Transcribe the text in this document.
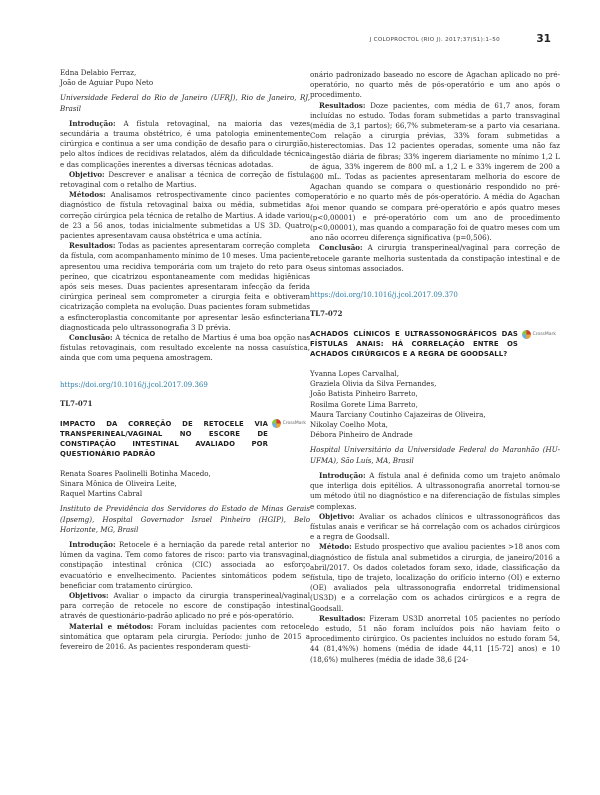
J COLOPROCTOL (RIO J). 2017;37(S1):1–50	31

Edna Delabio Ferraz,

João de Aguiar Pupo Neto

Universidade Federal do Rio de Janeiro (UFRJ), Rio de Janeiro, RJ, Brasil

Introdução: A fístula retovaginal, na maioria das vezes secundária a trauma obstétrico, é uma patologia eminentemente cirúrgica e continua a ser uma condição de desafio para o cirurgião, pelo altos índices de recidivas relatados, além da dificuldade técnica e das complicações inerentes a diversas técnicas adotadas.

Objetivo: Descrever e analisar a técnica de correção de fístula retovaginal com o retalho de Martius.

Métodos: Analisamos retrospectivamente cinco pacientes com diagnóstico de fístula retovaginal baixa ou média, submetidas a correção cirúrgica pela técnica de retalho de Martius. A idade variou de 23 a 56 anos, todas inicialmente submetidas a US 3D. Quatro pacientes apresentavam causa obstétrica e uma actínia.

Resultados: Todas as pacientes apresentaram correção completa da fístula, com acompanhamento mínimo de 10 meses. Uma paciente apresentou uma recidiva temporária com um trajeto do reto para o períneo, que cicatrizou espontaneamente com medidas higiênicas após seis meses. Duas pacientes apresentaram infecção da ferida cirúrgica perineal sem comprometer a cirurgia feita e obtiveram cicatrização completa na evolução. Duas pacientes foram submetidas a esfincteroplastia concomitante por apresentar lesão esfincteriana diagnosticada pelo ultrassonografia 3 D prévia.

Conclusão: A técnica de retalho de Martius é uma boa opção nas fístulas retovaginais, com resultado excelente na nossa casuística, ainda que com uma pequena amostragem.

https://doi.org/10.1016/j.jcol.2017.09.369

TL7-071

IMPACTO DA CORREÇÃO DE RETOCELE VIA TRANSPERINEAL/VAGINAL NO ESCORE DE CONSTIPAÇÃO INTESTINAL AVALIADO POR QUESTIONÁRIO PADRÃO

CrossMark

Renata Soares Paolinelli Botinha Macedo,

Sinara Mônica de Oliveira Leite,

Raquel Martins Cabral

Instituto de Previdência dos Servidores do Estado de Minas Gerais (Ipsemg), Hospital Governador Israel Pinheiro (HGIP), Belo Horizonte, MG, Brasil

Introdução: Retocele é a herniação da parede retal anterior no lúmen da vagina. Tem como fatores de risco: parto via transvaginal, constipação intestinal crônica (CIC) associada ao esforço evacuatório e envelhecimento. Pacientes sintomáticos podem se beneficiar com tratamento cirúrgico.

Objetivos: Avaliar o impacto da cirurgia transperineal/vaginal para correção de retocele no escore de constipação intestinal através de questionário-padrão aplicado no pré e pós-operatório.

Material e métodos: Foram incluídas pacientes com retocele sintomática que optaram pela cirurgia. Período: junho de 2015 a fevereiro de 2016. As pacientes responderam questi-

onário padronizado baseado no escore de Agachan aplicado no pré-operatório, no quarto mês de pós-operatório e um ano após o procedimento.

Resultados: Doze pacientes, com média de 61,7 anos, foram incluídas no estudo. Todas foram submetidas a parto transvaginal (média de 3,1 partos); 66,7% submeteram-se a parto via cesariana. Com relação a cirurgia prévias, 33% foram submetidas a histerectomias. Das 12 pacientes operadas, somente uma não faz ingestão diária de fibras; 33% ingerem diariamente no mínimo 1,2 L de água, 33% ingerem de 800 mL a 1,2 L e 33% ingerem de 200 a 600 mL. Todas as pacientes apresentaram melhoria do escore de Agachan quando se compara o questionário respondido no pré-operatório e no quarto mês de pós-operatório. A média do Agachan foi menor quando se compara pré-operatório e após quatro meses (p<0,00001) e pré-operatório com um ano de procedimento (p<0,00001), mas quando a comparação foi de quatro meses com um ano não ocorreu diferença significativa (p=0,506).

Conclusão: A cirurgia transperineal/vaginal para correção de retocele garante melhoria sustentada da constipação intestinal e de seus sintomas associados.

https://doi.org/10.1016/j.jcol.2017.09.370

TL7-072

ACHADOS CLÍNICOS E ULTRASSONOGRÁFICOS DAS FÍSTULAS ANAIS: HÁ CORRELAÇÃO ENTRE OS ACHADOS CIRÚRGICOS E A REGRA DE GOODSALL?

CrossMark

Yvanna Lopes Carvalhal,

Graziela Olivia da Silva Fernandes,

João Batista Pinheiro Barreto,

Rosilma Gorete Lima Barreto,

Maura Tarciany Coutinho Cajazeiras de Oliveira,

Nikolay Coelho Mota,

Débora Pinheiro de Andrade

Hospital Universitário da Universidade Federal do Maranhão (HU-UFMA), São Luís, MA, Brasil

Introdução: A fístula anal é definida como um trajeto anômalo que interliga dois epitélios. A ultrassonografia anorretal tornou-se um método útil no diagnóstico e na diferenciação de fístulas simples e complexas.

Objetivo: Avaliar os achados clínicos e ultrassonográficos das fístulas anais e verificar se há correlação com os achados cirúrgicos e a regra de Goodsall.

Método: Estudo prospectivo que avaliou pacientes >18 anos com diagnóstico de fístula anal submetidos a cirurgia, de janeiro/2016 a abril/2017. Os dados coletados foram sexo, idade, classificação da fístula, tipo de trajeto, localização do orifício interno (OI) e externo (OE) avaliados pela ultrassonografia endorretal tridimensional (US3D) e a correlação com os achados cirúrgicos e a regra de Goodsall.

Resultados: Fizeram US3D anorretal 105 pacientes no período do estudo, 51 não foram incluídos pois não haviam feito o procedimento cirúrgico. Os pacientes incluídos no estudo foram 54, 44 (81,4%%) homens (média de idade 44,11 [15-72] anos) e 10 (18,6%) mulheres (média de idade 38,6 [24-
